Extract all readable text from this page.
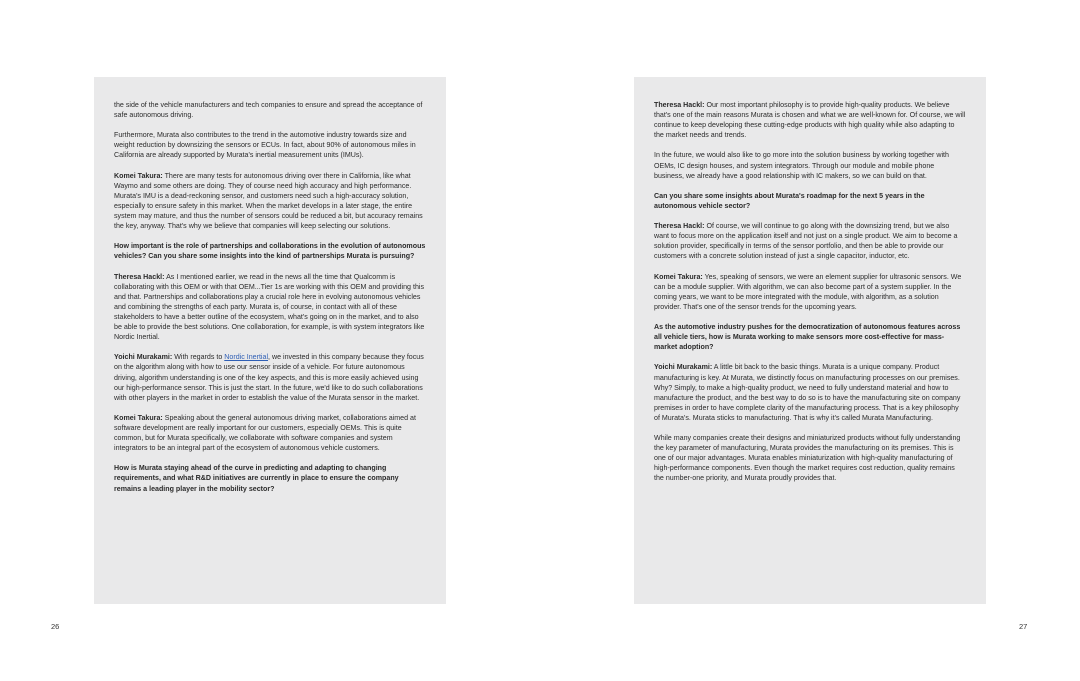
the side of the vehicle manufacturers and tech companies to ensure and spread the acceptance of safe autonomous driving.

Furthermore, Murata also contributes to the trend in the automotive industry towards size and weight reduction by downsizing the sensors or ECUs. In fact, about 90% of autonomous miles in California are already supported by Murata's inertial measurement units (IMUs).

Komei Takura: There are many tests for autonomous driving over there in California, like what Waymo and some others are doing. They of course need high accuracy and high performance. Murata's IMU is a dead-reckoning sensor, and customers need such a high-accuracy solution, especially to ensure safety in this market. When the market develops in a later stage, the entire system may mature, and thus the number of sensors could be reduced a bit, but accuracy remains the key, anyway. That's why we believe that companies will keep selecting our solutions.

How important is the role of partnerships and collaborations in the evolution of autonomous vehicles? Can you share some insights into the kind of partnerships Murata is pursuing?

Theresa Hackl: As I mentioned earlier, we read in the news all the time that Qualcomm is collaborating with this OEM or with that OEM...Tier 1s are working with this OEM and providing this and that. Partnerships and collaborations play a crucial role here in evolving autonomous vehicles and combining the strengths of each party. Murata is, of course, in contact with all of these stakeholders to have a better outline of the ecosystem, what's going on in the market, and to also be able to provide the best solutions. One collaboration, for example, is with system integrators like Nordic Inertial.

Yoichi Murakami: With regards to Nordic Inertial, we invested in this company because they focus on the algorithm along with how to use our sensor inside of a vehicle. For future autonomous driving, algorithm understanding is one of the key aspects, and this is more easily achieved using our high-performance sensor. This is just the start. In the future, we'd like to do such collaborations with other players in the market in order to establish the value of the Murata sensor in the market.

Komei Takura: Speaking about the general autonomous driving market, collaborations aimed at software development are really important for our customers, especially OEMs. This is quite common, but for Murata specifically, we collaborate with software companies and system integrators to be an integral part of the ecosystem of autonomous vehicle customers.

How is Murata staying ahead of the curve in predicting and adapting to changing requirements, and what R&D initiatives are currently in place to ensure the company remains a leading player in the mobility sector?

Theresa Hackl: Our most important philosophy is to provide high-quality products. We believe that's one of the main reasons Murata is chosen and what we are well-known for. Of course, we will continue to keep developing these cutting-edge products with high quality while also adapting to the market needs and trends.

In the future, we would also like to go more into the solution business by working together with OEMs, IC design houses, and system integrators. Through our module and mobile phone business, we already have a good relationship with IC makers, so we can build on that.

Can you share some insights about Murata's roadmap for the next 5 years in the autonomous vehicle sector?

Theresa Hackl: Of course, we will continue to go along with the downsizing trend, but we also want to focus more on the application itself and not just on a single product. We aim to become a solution provider, specifically in terms of the sensor portfolio, and then be able to provide our customers with a concrete solution instead of just a single capacitor, inductor, etc.

Komei Takura: Yes, speaking of sensors, we were an element supplier for ultrasonic sensors. We can be a module supplier. With algorithm, we can also become part of a system supplier. In the coming years, we want to be more integrated with the module, with algorithm, as a solution provider. That's one of the sensor trends for the upcoming years.

As the automotive industry pushes for the democratization of autonomous features across all vehicle tiers, how is Murata working to make sensors more cost-effective for mass-market adoption?

Yoichi Murakami: A little bit back to the basic things. Murata is a unique company. Product manufacturing is key. At Murata, we distinctly focus on manufacturing processes on our premises. Why? Simply, to make a high-quality product, we need to fully understand material and how to manufacture the product, and the best way to do so is to have the manufacturing site on company premises in order to have complete clarity of the manufacturing process. That is a key philosophy of Murata's. Murata sticks to manufacturing. That is why it's called Murata Manufacturing.

While many companies create their designs and miniaturized products without fully understanding the key parameter of manufacturing, Murata provides the manufacturing on its premises. This is one of our major advantages. Murata enables miniaturization with high-quality manufacturing of high-performance components. Even though the market requires cost reduction, quality remains the number-one priority, and Murata proudly provides that.

26	27
